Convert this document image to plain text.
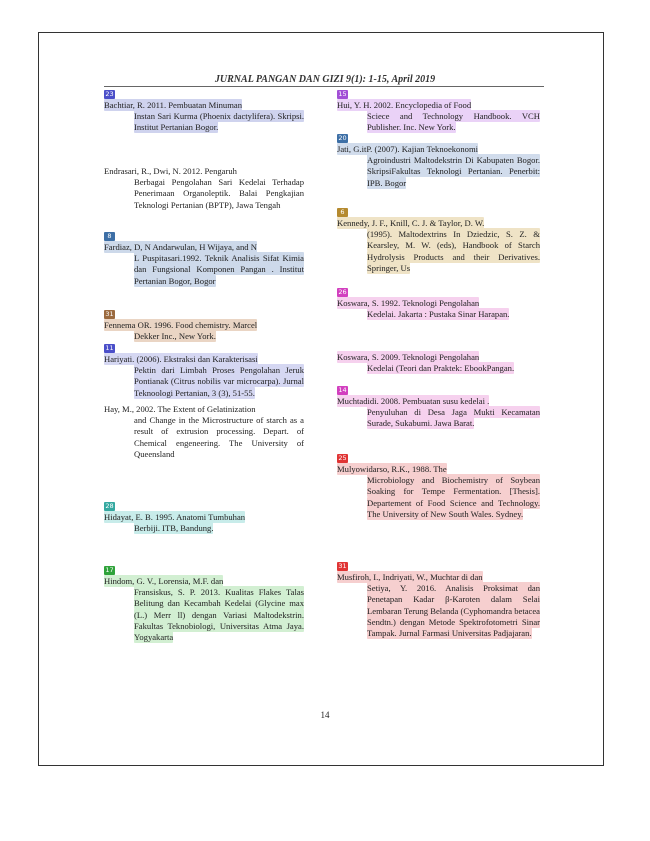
JURNAL PANGAN DAN GIZI 9(1): 1-15, April 2019
23
Bachtiar, R. 2011. Pembuatan Minuman
Instan Sari Kurma (Phoenix dactylifera). Skripsi. Institut Pertanian Bogor.
Endrasari, R., Dwi, N. 2012. Pengaruh
Berbagai Pengolahan Sari Kedelai Terhadap Penerimaan Organoleptik. Balai Pengkajian Teknologi Pertanian (BPTP), Jawa Tengah
8
Fardiaz, D, N Andarwulan, H Wijaya, and N
L Puspitasari.1992. Teknik Analisis Sifat Kimia dan Fungsional Komponen Pangan . Institut Pertanian Bogor, Bogor
31
Fennema OR. 1996. Food chemistry. Marcel
Dekker Inc., New York.
11
Hariyati. (2006). Ekstraksi dan Karakterisasi
Pektin dari Limbah Proses Pengolahan Jeruk Pontianak (Citrus nobilis var microcarpa). Jurnal Teknoologi Pertanian, 3 (3), 51-55.
Hay, M., 2002. The Extent of Gelatinization
and Change in the Microstructure of starch as a result of extrusion processing. Depart. of Chemical engeneering. The University of Queensland
28
Hidayat, E. B. 1995. Anatomi Tumbuhan
Berbiji. ITB, Bandung.
17
Hindom, G. V., Lorensia, M.F. dan
Fransiskus, S. P. 2013. Kualitas Flakes Talas Belitung dan Kecambah Kedelai (Glycine max (L.) Merr ll) dengan Variasi Maltodekstrin. Fakultas Teknobiologi, Universitas Atma Jaya. Yogyakarta
15
Hui, Y. H. 2002. Encyclopedia of Food
Sciece and Technology Handbook. VCH Publisher. Inc. New York.
20
Jati, G.itP. (2007). Kajian Teknoekonomi
Agroindustri Maltodekstrin Di Kabupaten Bogor. SkripsiFakultas Teknologi Pertanian. Penerbit: IPB. Bogor
6
Kennedy, J. F., Knill, C. J. & Taylor, D. W.
(1995). Maltodextrins In Dziedzic, S. Z. & Kearsley, M. W. (eds), Handbook of Starch Hydrolysis Products and their Derivatives. Springer, Us
26
Koswara, S. 1992. Teknologi Pengolahan
Kedelai. Jakarta : Pustaka Sinar Harapan.
Koswara, S. 2009. Teknologi Pengolahan
Kedelai (Teori dan Praktek: EbookPangan.
14
Muchtadidi. 2008. Pembuatan susu kedelai .
Penyuluhan di Desa Jaga Mukti Kecamatan Surade, Sukabumi. Jawa Barat.
25
Mulyowidarso, R.K., 1988. The
Microbiology and Biochemistry of Soybean Soaking for Tempe Fermentation. [Thesis]. Departement of Food Science and Technology. The University of New South Wales. Sydney.
31
Musfiroh, I., Indriyati, W., Muchtar di dan
Setiya, Y. 2016. Analisis Proksimat dan Penetapan Kadar β-Karoten dalam Selai Lembaran Terung Belanda (Cyphomandra betacea Sendtn.) dengan Metode Spektrofotometri Sinar Tampak. Jurnal Farmasi Universitas Padjajaran.
14
